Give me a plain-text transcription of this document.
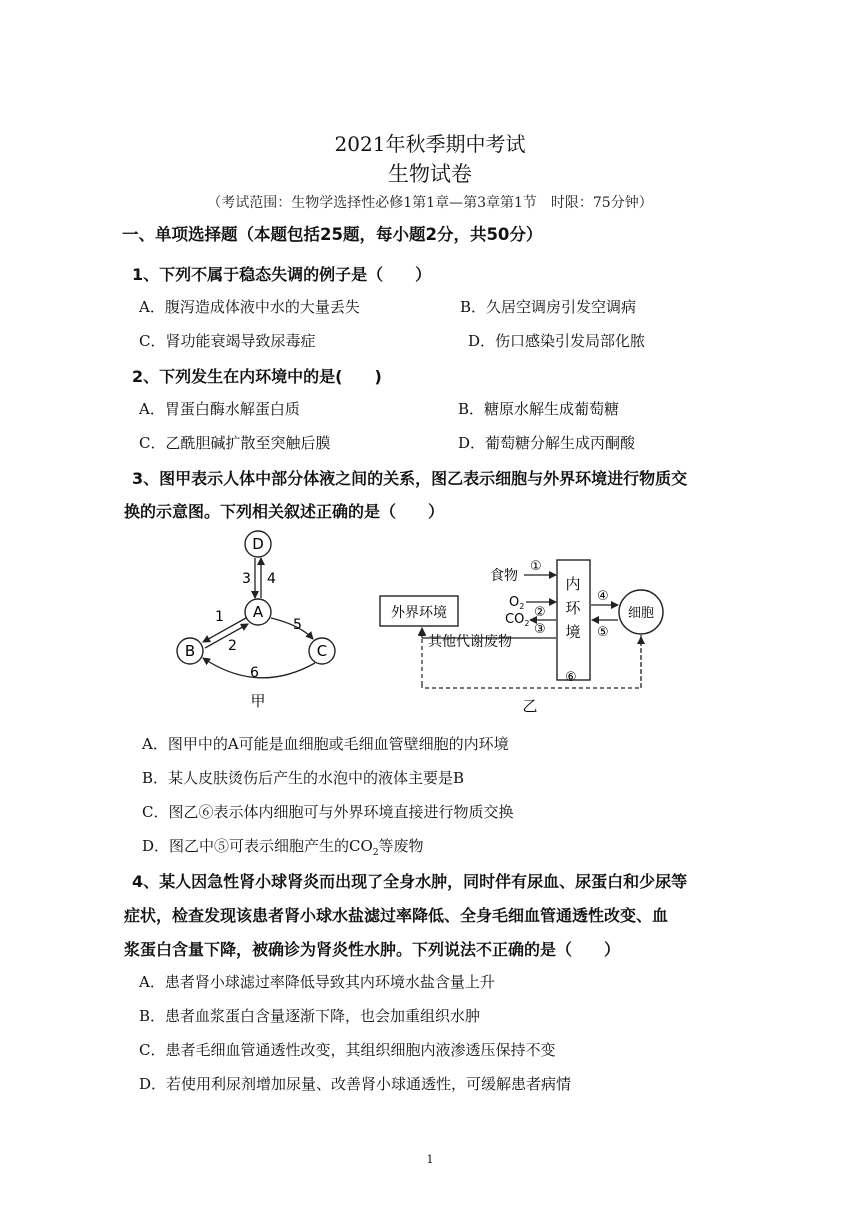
2021年秋季期中考试
生物试卷
（考试范围：生物学选择性必修1第1章—第3章第1节　时限：75分钟）
一、单项选择题（本题包括25题，每小题2分，共50分）
1、下列不属于稳态失调的例子是（　　）
A．腹泻造成体液中水的大量丢失	B．久居空调房引发空调病
C．肾功能衰竭导致尿毒症	D．伤口感染引发局部化脓
2、下列发生在内环境中的是(　　)
A．胃蛋白酶水解蛋白质	B．糖原水解生成葡萄糖
C．乙酰胆碱扩散至突触后膜	D．葡萄糖分解生成丙酮酸
3、图甲表示人体中部分体液之间的关系，图乙表示细胞与外界环境进行物质交
换的示意图。下列相关叙述正确的是（　　）
D
A
B	C
3 4
1
2
5
6
甲
外界环境
内
环
境
细胞
食物
①
$O_2$ ②
$CO_2$ ③
其他代谢废物
④
⑤
⑥
乙
A．图甲中的A可能是血细胞或毛细血管壁细胞的内环境
B．某人皮肤烫伤后产生的水泡中的液体主要是B
C．图乙⑥表示体内细胞可与外界环境直接进行物质交换
D．图乙中⑤可表示细胞产生的$CO_2$等废物
4、某人因急性肾小球肾炎而出现了全身水肿，同时伴有尿血、尿蛋白和少尿等
症状，检查发现该患者肾小球水盐滤过率降低、全身毛细血管通透性改变、血
浆蛋白含量下降，被确诊为肾炎性水肿。下列说法不正确的是（　　）
A．患者肾小球滤过率降低导致其内环境水盐含量上升
B．患者血浆蛋白含量逐渐下降，也会加重组织水肿
C．患者毛细血管通透性改变，其组织细胞内液渗透压保持不变
D．若使用利尿剂增加尿量、改善肾小球通透性，可缓解患者病情
1
